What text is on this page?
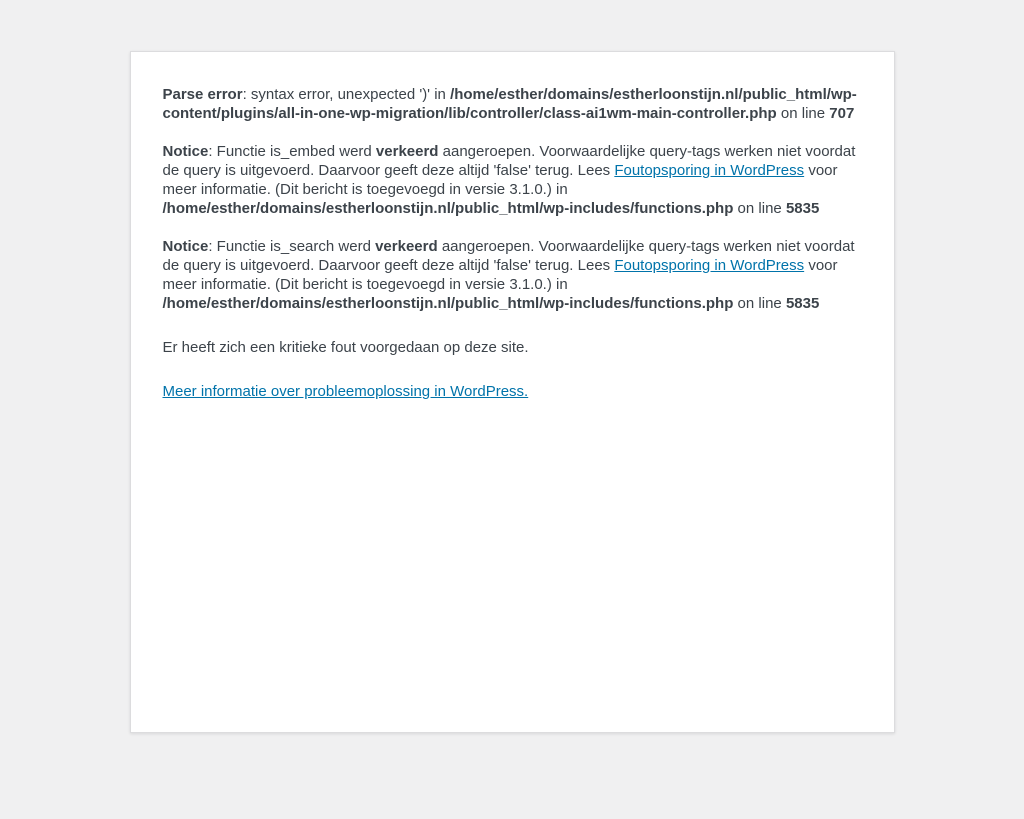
Parse error: syntax error, unexpected ')' in /home/esther/domains/estherloonstijn.nl/public_html/wp-content/plugins/all-in-one-wp-migration/lib/controller/class-ai1wm-main-controller.php on line 707

Notice: Functie is_embed werd verkeerd aangeroepen. Voorwaardelijke query-tags werken niet voordat de query is uitgevoerd. Daarvoor geeft deze altijd 'false' terug. Lees Foutopsporing in WordPress voor meer informatie. (Dit bericht is toegevoegd in versie 3.1.0.) in /home/esther/domains/estherloonstijn.nl/public_html/wp-includes/functions.php on line 5835

Notice: Functie is_search werd verkeerd aangeroepen. Voorwaardelijke query-tags werken niet voordat de query is uitgevoerd. Daarvoor geeft deze altijd 'false' terug. Lees Foutopsporing in WordPress voor meer informatie. (Dit bericht is toegevoegd in versie 3.1.0.) in /home/esther/domains/estherloonstijn.nl/public_html/wp-includes/functions.php on line 5835

Er heeft zich een kritieke fout voorgedaan op deze site.

Meer informatie over probleemoplossing in WordPress.
